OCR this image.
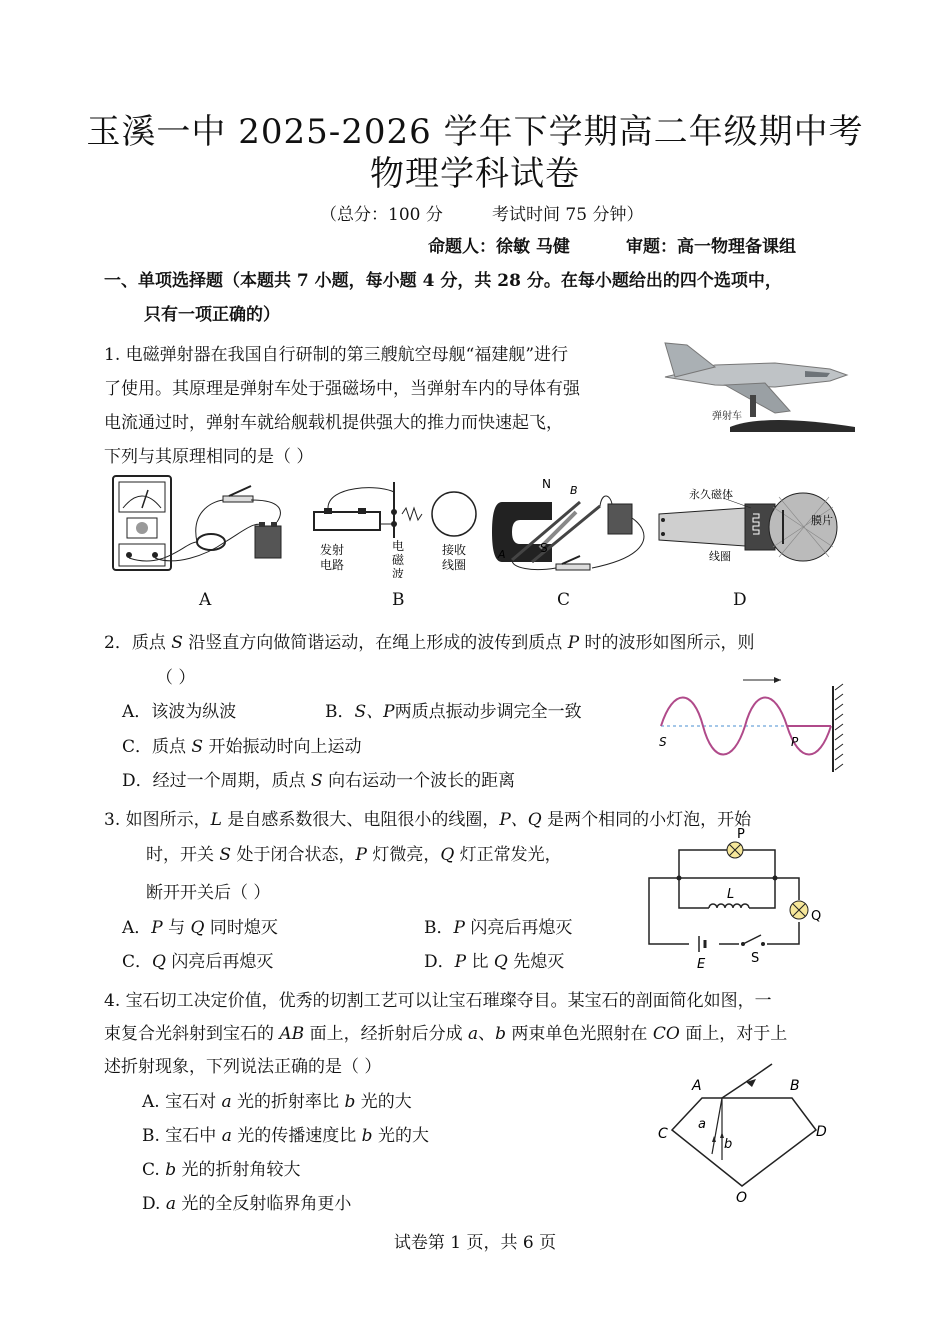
玉溪一中 2025-2026 学年下学期高二年级期中考
物理学科试卷
（总分：100 分	考试时间 75 分钟）
命题人：徐敏 马健	审题：高一物理备课组
一、单项选择题（本题共 7 小题，每小题 4 分，共 28 分。在每小题给出的四个选项中，
只有一项正确的）
1. 电磁弹射器在我国自行研制的第三艘航空母舰“福建舰”进行
了使用。其原理是弹射车处于强磁场中，当弹射车内的导体有强
电流通过时，弹射车就给舰载机提供强大的推力而快速起飞，
下列与其原理相同的是（ ）
弹射车
A
发射
电路
电
磁
波
接收
线圈
B
N
S
A
B
C
永久磁体
膜片
线圈
D
2．质点 S 沿竖直方向做简谐运动，在绳上形成的波传到质点 P 时的波形如图所示，则
（ ）
A．该波为纵波	B．S、P两质点振动步调完全一致
C．质点 S 开始振动时向上运动
D．经过一个周期，质点 S 向右运动一个波长的距离
S	P
3. 如图所示，L 是自感系数很大、电阻很小的线圈，P、Q 是两个相同的小灯泡，开始
时，开关 S 处于闭合状态，P 灯微亮，Q 灯正常发光，
断开开关后（ ）
A．P 与 Q 同时熄灭	B．P 闪亮后再熄灭
C．Q 闪亮后再熄灭	D．P 比 Q 先熄灭
P
Q
L
E	S
4. 宝石切工决定价值，优秀的切割工艺可以让宝石璀璨夺目。某宝石的剖面简化如图，一
束复合光斜射到宝石的 AB 面上，经折射后分成 a、b 两束单色光照射在 CO 面上，对于上
述折射现象，下列说法正确的是（ ）
A. 宝石对 a 光的折射率比 b 光的大
B. 宝石中 a 光的传播速度比 b 光的大
C. b 光的折射角较大
D. a 光的全反射临界角更小
A	B
C	D
O
a
b
试卷第 1 页，共 6 页
